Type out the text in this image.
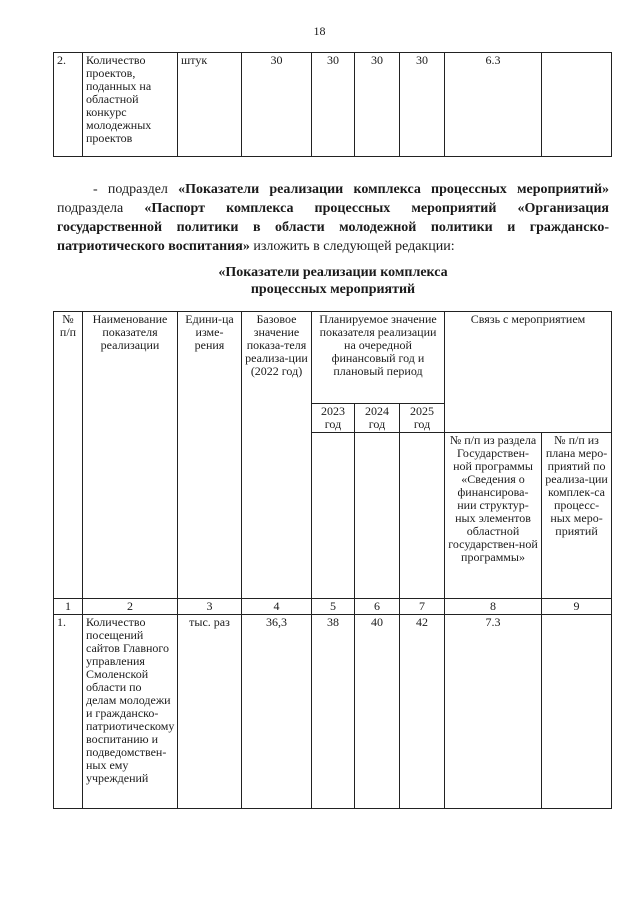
18
2.	Количество проектов, поданных на областной конкурс молодежных проектов	штук	30	30	30	30	6.3	
- подраздел «Показатели реализации комплекса процессных мероприятий» подраздела «Паспорт комплекса процессных мероприятий «Организация государственной политики в области молодежной политики и гражданско-патриотического воспитания» изложить в следующей редакции:
«Показатели реализации комплекса
процессных мероприятий
№ п/п	Наименование показателя реализации	Едини-ца изме-рения	Базовое значение показа-теля реализа-ции (2022 год)	Планируемое значение показателя реализации на очередной финансовый год и плановый период			Связь с мероприятием	
				2023 год	2024 год	2025 год		
							№ п/п из раздела Государствен-ной программы «Сведения о финансирова-нии структур-ных элементов областной государствен-ной программы»	№ п/п из плана меро-приятий по реализа-ции комплек-са процесс-ных меро-приятий
1	2	3	4	5	6	7	8	9
1.	Количество посещений сайтов Главного управления Смоленской области по делам молодежи и гражданско-патриотическому воспитанию и подведомствен-ных ему учреждений	тыс. раз	36,3	38	40	42	7.3	
